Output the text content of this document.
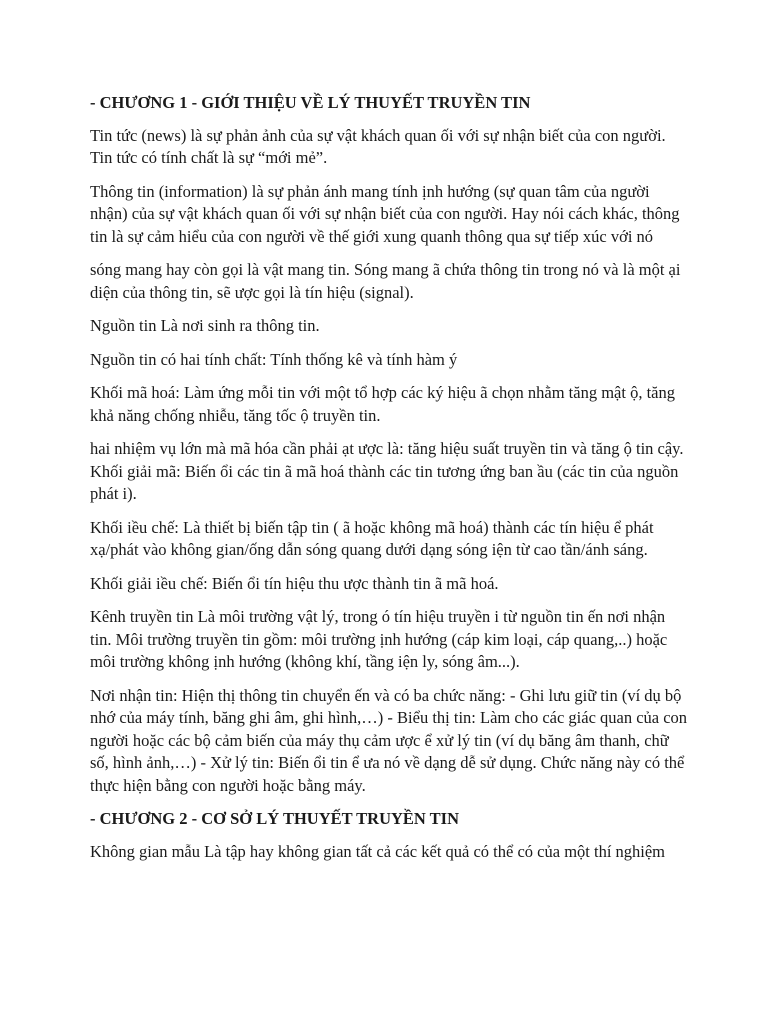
- CHƯƠNG 1 - GIỚI THIỆU VỀ LÝ THUYẾT TRUYỀN TIN

Tin tức (news) là sự phản ảnh của sự vật khách quan ối với sự nhận biết của con người. Tin tức có tính chất là sự “mới mẻ”.

Thông tin (information) là sự phản ánh mang tính ịnh hướng (sự quan tâm của người nhận) của sự vật khách quan ối với sự nhận biết của con người. Hay nói cách khác, thông tin là sự cảm hiểu của con người về thế giới xung quanh thông qua sự tiếp xúc với nó

sóng mang hay còn gọi là vật mang tin. Sóng mang ã chứa thông tin trong nó và là một ại diện của thông tin, sẽ ược gọi là tín hiệu (signal).

Nguồn tin Là nơi sinh ra thông tin.

Nguồn tin có hai tính chất: Tính thống kê và tính hàm ý

Khối mã hoá: Làm ứng mỗi tin với một tổ hợp các ký hiệu ã chọn nhằm tăng mật ộ, tăng khả năng chống nhiễu, tăng tốc ộ truyền tin.

hai nhiệm vụ lớn mà mã hóa cần phải ạt ược là: tăng hiệu suất truyền tin và tăng ộ tin cậy. Khối giải mã: Biến ổi các tin ã mã hoá thành các tin tương ứng ban ầu (các tin của nguồn phát i).

Khối iều chế: Là thiết bị biến tập tin ( ã hoặc không mã hoá) thành các tín hiệu ể phát xạ/phát vào không gian/ống dẫn sóng quang dưới dạng sóng iện từ cao tần/ánh sáng.

Khối giải iều chế: Biến ổi tín hiệu thu ược thành tin ã mã hoá.

Kênh truyền tin Là môi trường vật lý, trong ó tín hiệu truyền i từ nguồn tin ến nơi nhận tin. Môi trường truyền tin gồm: môi trường ịnh hướng (cáp kim loại, cáp quang,..) hoặc môi trường không ịnh hướng (không khí, tầng iện ly, sóng âm...).

Nơi nhận tin: Hiện thị thông tin chuyển ến và có ba chức năng: - Ghi lưu giữ tin (ví dụ bộ nhớ của máy tính, băng ghi âm, ghi hình,…) - Biểu thị tin: Làm cho các giác quan của con người hoặc các bộ cảm biến của máy thụ cảm ược ể xử lý tin (ví dụ băng âm thanh, chữ số, hình ảnh,…) - Xử lý tin: Biến ổi tin ể ưa nó về dạng dễ sử dụng. Chức năng này có thể thực hiện bằng con người hoặc bằng máy.

- CHƯƠNG 2 - CƠ SỞ LÝ THUYẾT TRUYỀN TIN

Không gian mẫu Là tập hay không gian tất cả các kết quả có thể có của một thí nghiệm
